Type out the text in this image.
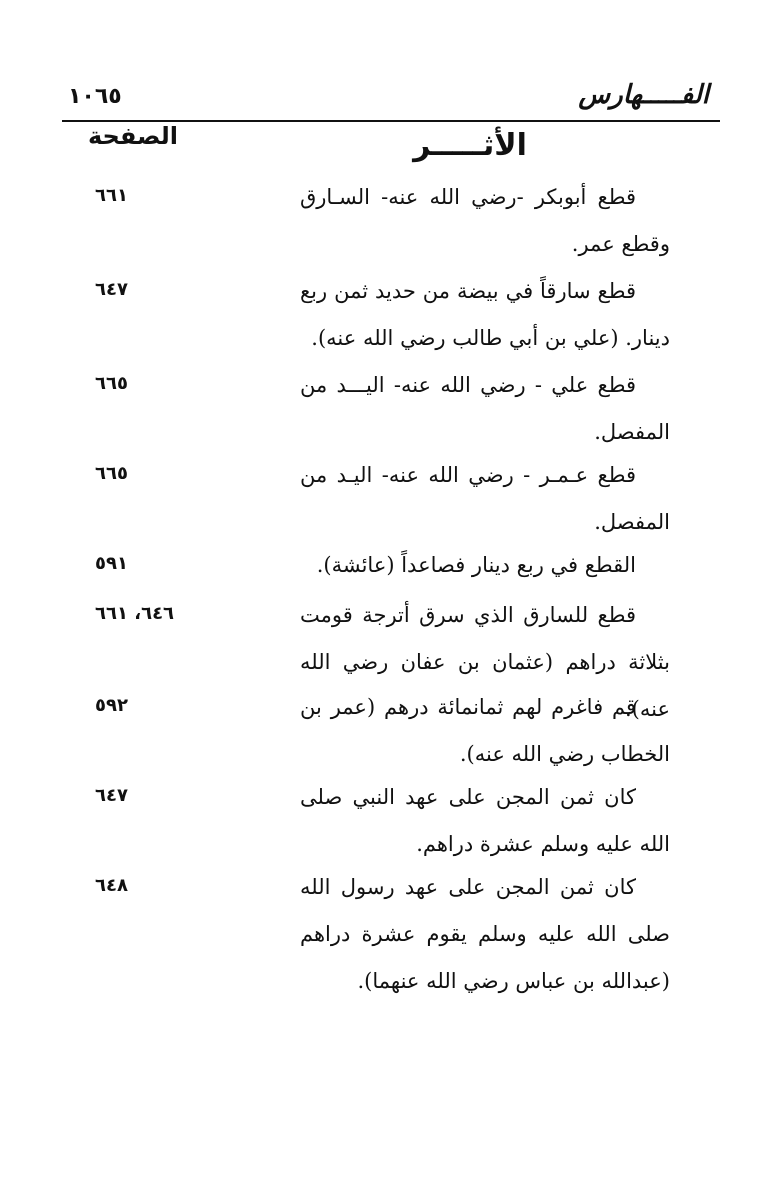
١٠٦٥	الفـــــهارس
الصفحة	الأثـــــر
قطع أبوبكر -رضي الله عنه- السـارق وقطع عمر.
٦٦١
قطع سارقاً في بيضة من حديد ثمن ربع دينار. (علي بن أبي طالب رضي الله عنه).
٦٤٧
قطع علي - رضي الله عنه- اليـــد من المفصل.
٦٦٥
قطع عـمـر - رضي الله عنه- اليـد من المفصل.
٦٦٥
القطع في ربع دينار فصاعداً (عائشة).
٥٩١
قطع للسارق الذي سرق أترجة قومت بثلاثة دراهم (عثمان بن عفان رضي الله عنه).
٦٤٦، ٦٦١
قم فاغرم لهم ثمانمائة درهم (عمر بن الخطاب رضي الله عنه).
٥٩٢
كان ثمن المجن على عهد النبي صلى الله عليه وسلم عشرة دراهم.
٦٤٧
كان ثمن المجن على عهد رسول الله صلى الله عليه وسلم يقوم عشرة دراهم (عبدالله بن عباس رضي الله عنهما).
٦٤٨
